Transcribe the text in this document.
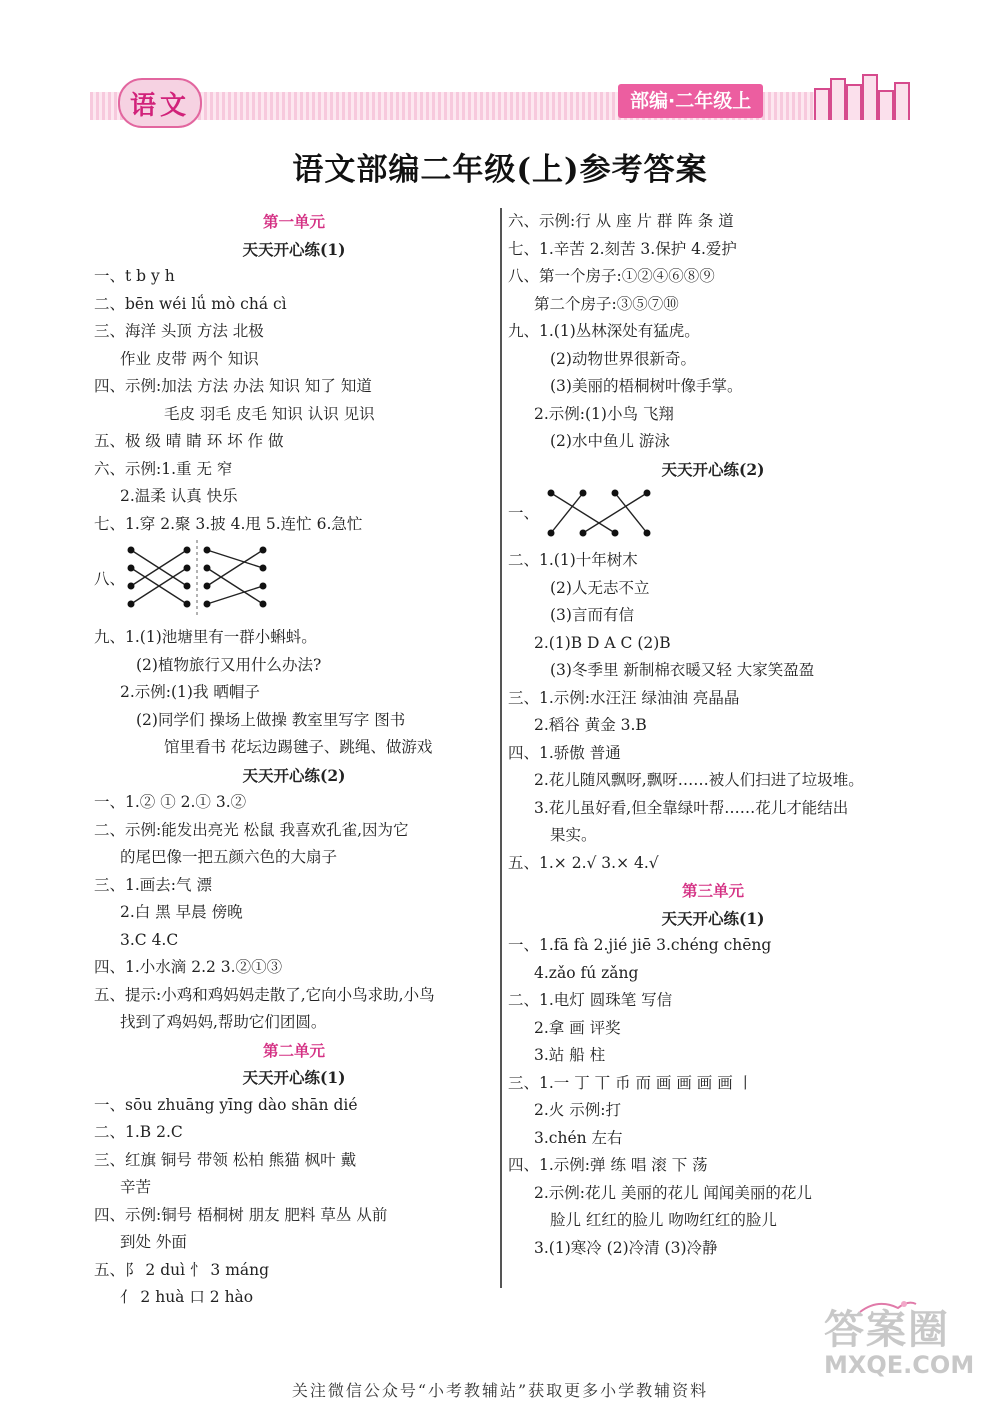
语文	部编·二年级上
语文部编二年级(上)参考答案
第一单元
天天开心练(1)
一、t b y h
二、bēn wéi lǘ mò chá cì
三、海洋 头顶 方法 北极
作业 皮带 两个 知识
四、示例:加法 方法 办法 知识 知了 知道
毛皮 羽毛 皮毛 知识 认识 见识
五、极 级 晴 睛 环 坏 作 做
六、示例:1.重 无 窄
2.温柔 认真 快乐
七、1.穿 2.聚 3.披 4.甩 5.连忙 6.急忙
八、
九、1.(1)池塘里有一群小蝌蚪。
(2)植物旅行又用什么办法?
2.示例:(1)我 晒帽子
(2)同学们 操场上做操 教室里写字 图书
馆里看书 花坛边踢毽子、跳绳、做游戏
天天开心练(2)
一、1.② ① 2.① 3.②
二、示例:能发出亮光 松鼠 我喜欢孔雀,因为它
的尾巴像一把五颜六色的大扇子
三、1.画去:气 漂
2.白 黑 早晨 傍晚
3.C 4.C
四、1.小水滴 2.2 3.②①③
五、提示:小鸡和鸡妈妈走散了,它向小鸟求助,小鸟
找到了鸡妈妈,帮助它们团圆。
第二单元
天天开心练(1)
一、sōu zhuāng yīng dào shān dié
二、1.B 2.C
三、红旗 铜号 带领 松柏 熊猫 枫叶 戴
辛苦
四、示例:铜号 梧桐树 朋友 肥料 草丛 从前
到处 外面
五、阝 2 duì 忄 3 máng
亻 2 huà 口 2 hào
六、示例:行 从 座 片 群 阵 条 道
七、1.辛苦 2.刻苦 3.保护 4.爱护
八、第一个房子:①②④⑥⑧⑨
第二个房子:③⑤⑦⑩
九、1.(1)丛林深处有猛虎。
(2)动物世界很新奇。
(3)美丽的梧桐树叶像手掌。
2.示例:(1)小鸟 飞翔
(2)水中鱼儿 游泳
天天开心练(2)
一、
二、1.(1)十年树木
(2)人无志不立
(3)言而有信
2.(1)B D A C (2)B
(3)冬季里 新制棉衣暖又轻 大家笑盈盈
三、1.示例:水汪汪 绿油油 亮晶晶
2.稻谷 黄金 3.B
四、1.骄傲 普通
2.花儿随风飘呀,飘呀……被人们扫进了垃圾堆。
3.花儿虽好看,但全靠绿叶帮……花儿才能结出
果实。
五、1.× 2.√ 3.× 4.√
第三单元
天天开心练(1)
一、1.fā fà 2.jié jiē 3.chéng chēng
4.zǎo fú zǎng
二、1.电灯 圆珠笔 写信
2.拿 画 评奖
3.站 船 柱
三、1.一 丁 丅 币 而 画 画 画 画 丨
2.火 示例:打
3.chén 左右
四、1.示例:弹 练 唱 滚 下 荡
2.示例:花儿 美丽的花儿 闻闻美丽的花儿
脸儿 红红的脸儿 吻吻红红的脸儿
3.(1)寒冷 (2)冷清 (3)冷静
答案圈
MXQE.COM
关注微信公众号“小考教辅站”获取更多小学教辅资料
